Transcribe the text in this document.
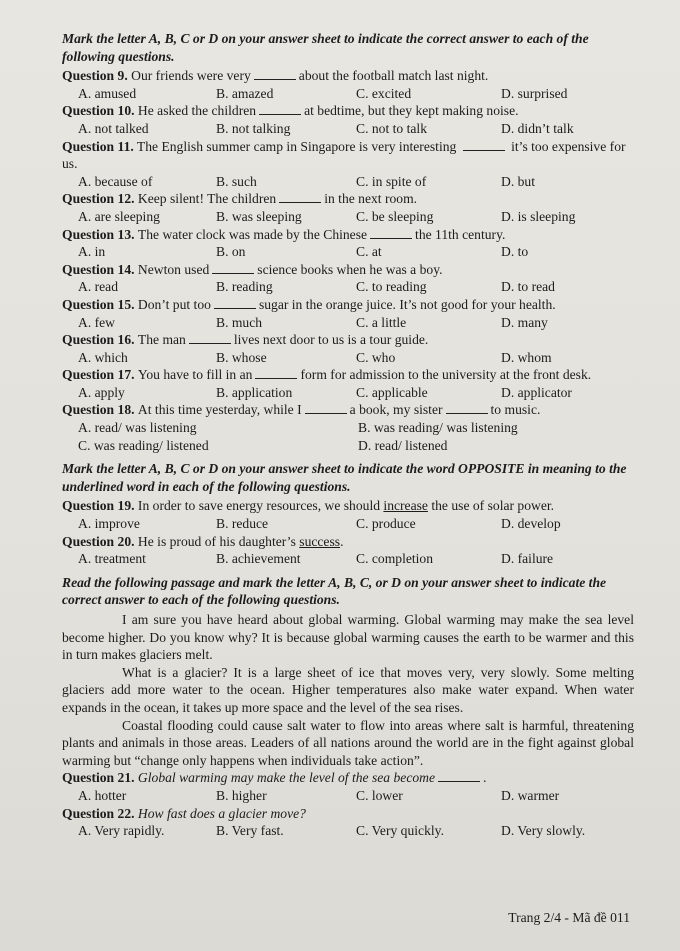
Mark the letter A, B, C or D on your answer sheet to indicate the correct answer to each of the following questions.

Question 9.
Our friends were very	about the football match last night.
A. amused	B. amazed	C. excited	D. surprised
Question 10.
He asked the children	at bedtime, but they kept making noise.
A. not talked	B. not talking	C. not to talk	D. didn’t talk
Question 11. The English summer camp in Singapore is very interesting	it’s too expensive for us.
A. because of	B. such	C. in spite of	D. but
Question 12.
Keep silent! The children	in the next room.
A. are sleeping	B. was sleeping	C. be sleeping	D. is sleeping
Question 13.
The water clock was made by the Chinese	the 11th century.
A. in	B. on	C. at	D. to
Question 14.
Newton used	science books when he was a boy.
A. read	B. reading	C. to reading	D. to read
Question 15.
Don’t put too	sugar in the orange juice. It’s not good for your health.
A. few	B. much	C. a little	D. many
Question 16.
The man	lives next door to us is a tour guide.
A. which	B. whose	C. who	D. whom
Question 17.
You have to fill in an	form for admission to the university at the front desk.
A. apply	B. application	C. applicable	D. applicator
Question 18.
At this time yesterday, while I	a book, my sister	to music.
A. read/ was listening	B. was reading/ was listening
C. was reading/ listened	D. read/ listened

Mark the letter A, B, C or D on your answer sheet to indicate the word OPPOSITE in meaning to the underlined word in each of the following questions.

Question 19. In order to save energy resources, we should increase the use of solar power.
A. improve	B. reduce	C. produce	D. develop
Question 20. He is proud of his daughter’s success.
A. treatment	B. achievement	C. completion	D. failure

Read the following passage and mark the letter A, B, C, or D on your answer sheet to indicate the correct answer to each of the following questions.

I am sure you have heard about global warming. Global warming may make the sea level become higher. Do you know why? It is because global warming causes the earth to be warmer and this in turn makes glaciers melt.

What is a glacier? It is a large sheet of ice that moves very, very slowly. Some melting glaciers add more water to the ocean. Higher temperatures also make water expand. When water expands in the ocean, it takes up more space and the level of the sea rises.

Coastal flooding could cause salt water to flow into areas where salt is harmful, threatening plants and animals in those areas. Leaders of all nations around the world are in the fight against global warming but “change only happens when individuals take action”.

Question 21.
Global warming may make the level of the sea become	.
A. hotter	B. higher	C. lower	D. warmer
Question 22.
How fast does a glacier move?
A. Very rapidly.	B. Very fast.	C. Very quickly.	D. Very slowly.
Trang 2/4 - Mã đề 011
